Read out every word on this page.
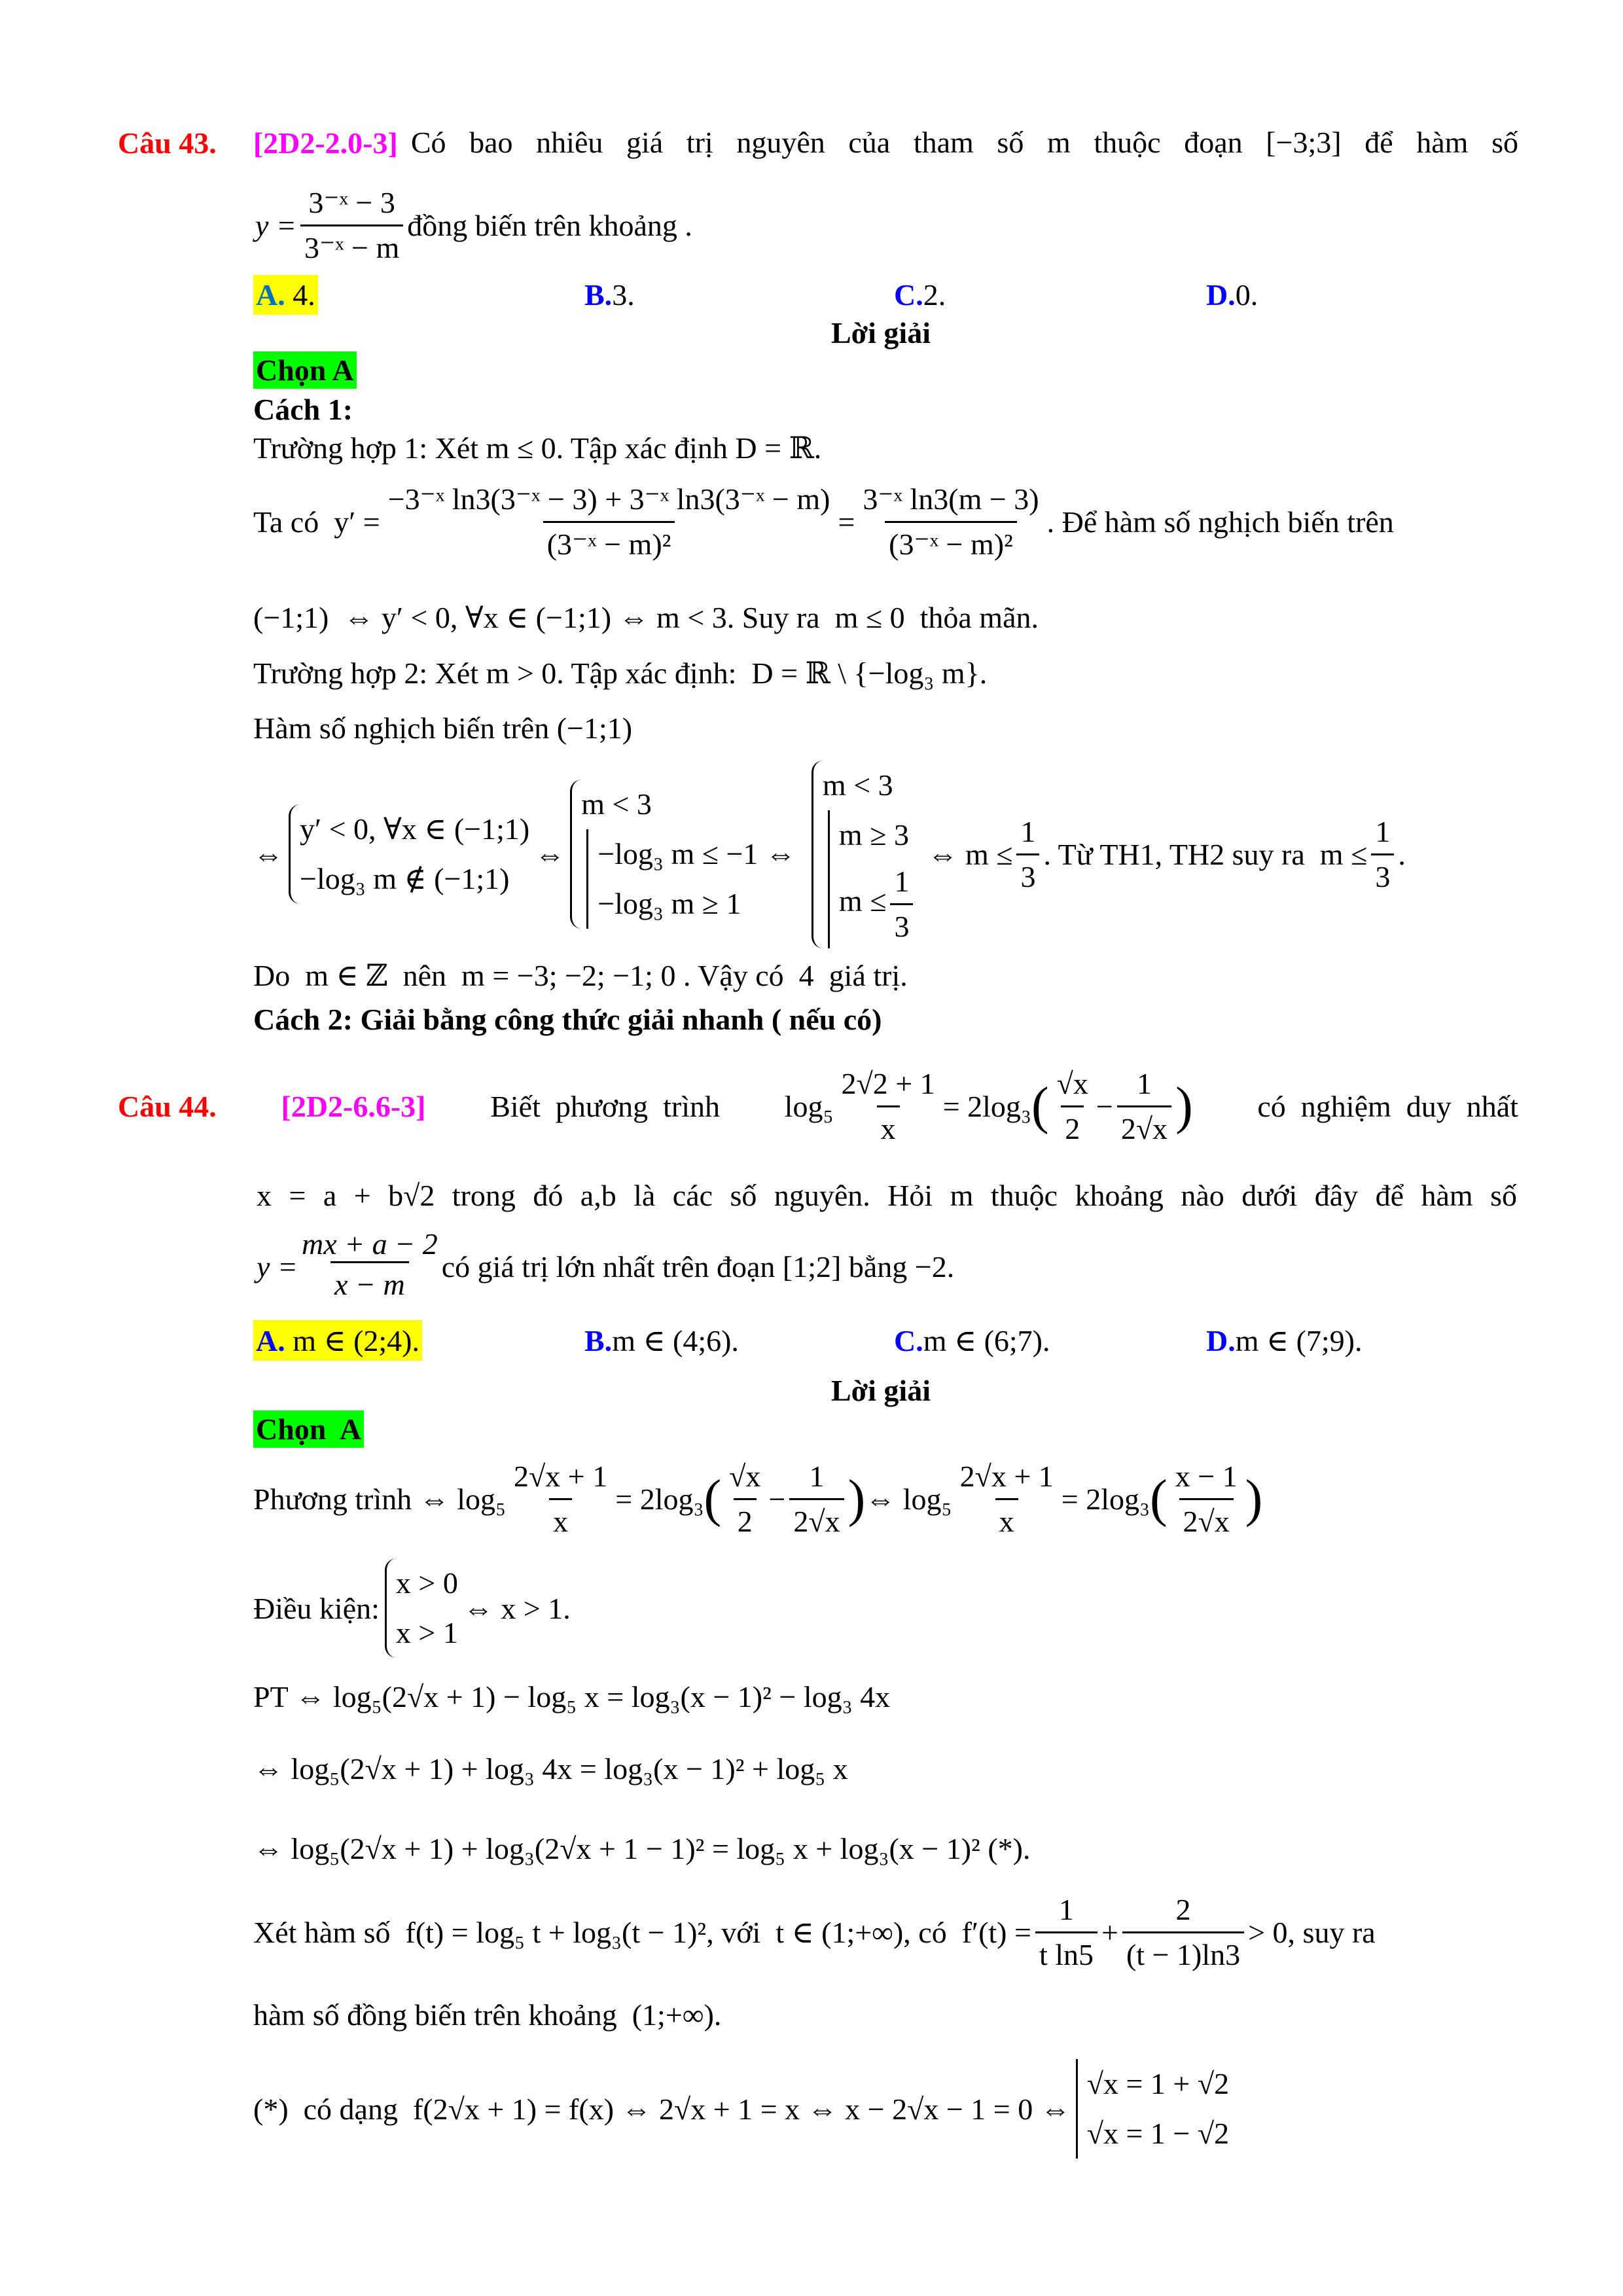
Câu 43. [2D2-2.0-3] Có bao nhiêu giá trị nguyên của tham số m thuộc đoạn [−3;3] để hàm số
$y = \frac{\text{3⁻ˣ − 3}}{\text{3⁻ˣ − m}}$ đồng biến trên khoảng .
A. 4.	B. 3.	C. 2.	D. 0.
Lời giải
Chọn A
Cách 1:
Trường hợp 1: Xét m ≤ 0. Tập xác định D = ℝ.
Ta có  $y' = \frac{\text{−3⁻ˣ ln3(3⁻ˣ − 3) + 3⁻ˣ ln3(3⁻ˣ − m)}}{\text{(3⁻ˣ − m)²}} = \frac{\text{3⁻ˣ ln3(m − 3)}}{\text{(3⁻ˣ − m)²}}$ . Để hàm số nghịch biến trên
(−1;1)  ⇔ y′ < 0, ∀x ∈ (−1;1) ⇔ m < 3. Suy ra  m ≤ 0  thỏa mãn.
Trường hợp 2: Xét m > 0. Tập xác định:  D = ℝ \ {−log₃ m}.
Hàm số nghịch biến trên (−1;1)
⇔
y′ < 0, ∀x ∈ (−1;1)
−log₃ m ∉ (−1;1)
⇔
m < 3
−log₃ m ≤ −1 ⇔
−log₃ m ≥ 1
m < 3
m ≥ 3
$m \le \frac{1}{3}$
⇔ $m \le \frac{1}{3}$ . Từ TH1, TH2 suy ra  $m \le \frac{1}{3}$ .
Do  m ∈ ℤ  nên  m = −3; −2; −1; 0 . Vậy có  4  giá trị.
Cách 2: Giải bằng công thức giải nhanh ( nếu có)
Câu 44. [2D2-6.6-3] Biết  phương  trình $\log_5 \frac{2√2 + 1}{x} = 2\log_3$ ( $\frac{√x}{2} - \frac{1}{2√x}$ ) có  nghiệm  duy  nhất
x = a + b√2 trong đó a,b là các số nguyên. Hỏi m thuộc khoảng nào dưới đây để hàm số
$y = \frac{mx + a - 2}{x - m}$ có giá trị lớn nhất trên đoạn [1;2] bằng −2.
A. m ∈ (2;4).	B. m ∈ (4;6).	C. m ∈ (6;7).	D. m ∈ (7;9).
Lời giải
Chọn  A
Phương trình ⇔ $\log_5 \frac{2√x + 1}{x} = 2\log_3$ ( $\frac{√x}{2} - \frac{1}{2√x}$ ) ⇔ $\log_5 \frac{2√x + 1}{x} = 2\log_3$ ( $\frac{x - 1}{2√x}$ )
Điều kiện:
x > 0
x > 1
⇔ x > 1.
PT ⇔ log₅(2√x + 1) − log₅ x = log₃(x − 1)² − log₃ 4x
⇔ log₅(2√x + 1) + log₃ 4x = log₃(x − 1)² + log₅ x
⇔ log₅(2√x + 1) + log₃(2√x + 1 − 1)² = log₅ x + log₃(x − 1)² (*).
Xét hàm số  f(t) = log₅ t + log₃(t − 1)², với  t ∈ (1;+∞), có  $f'(t) = \frac{1}{\text{t ln5}} + \frac{2}{(t - 1)\ln 3} > 0$, suy ra
hàm số đồng biến trên khoảng  (1;+∞).
(*)  có dạng  f(2√x + 1) = f(x) ⇔ 2√x + 1 = x ⇔ x − 2√x − 1 = 0 ⇔
√x = 1 + √2
√x = 1 − √2
